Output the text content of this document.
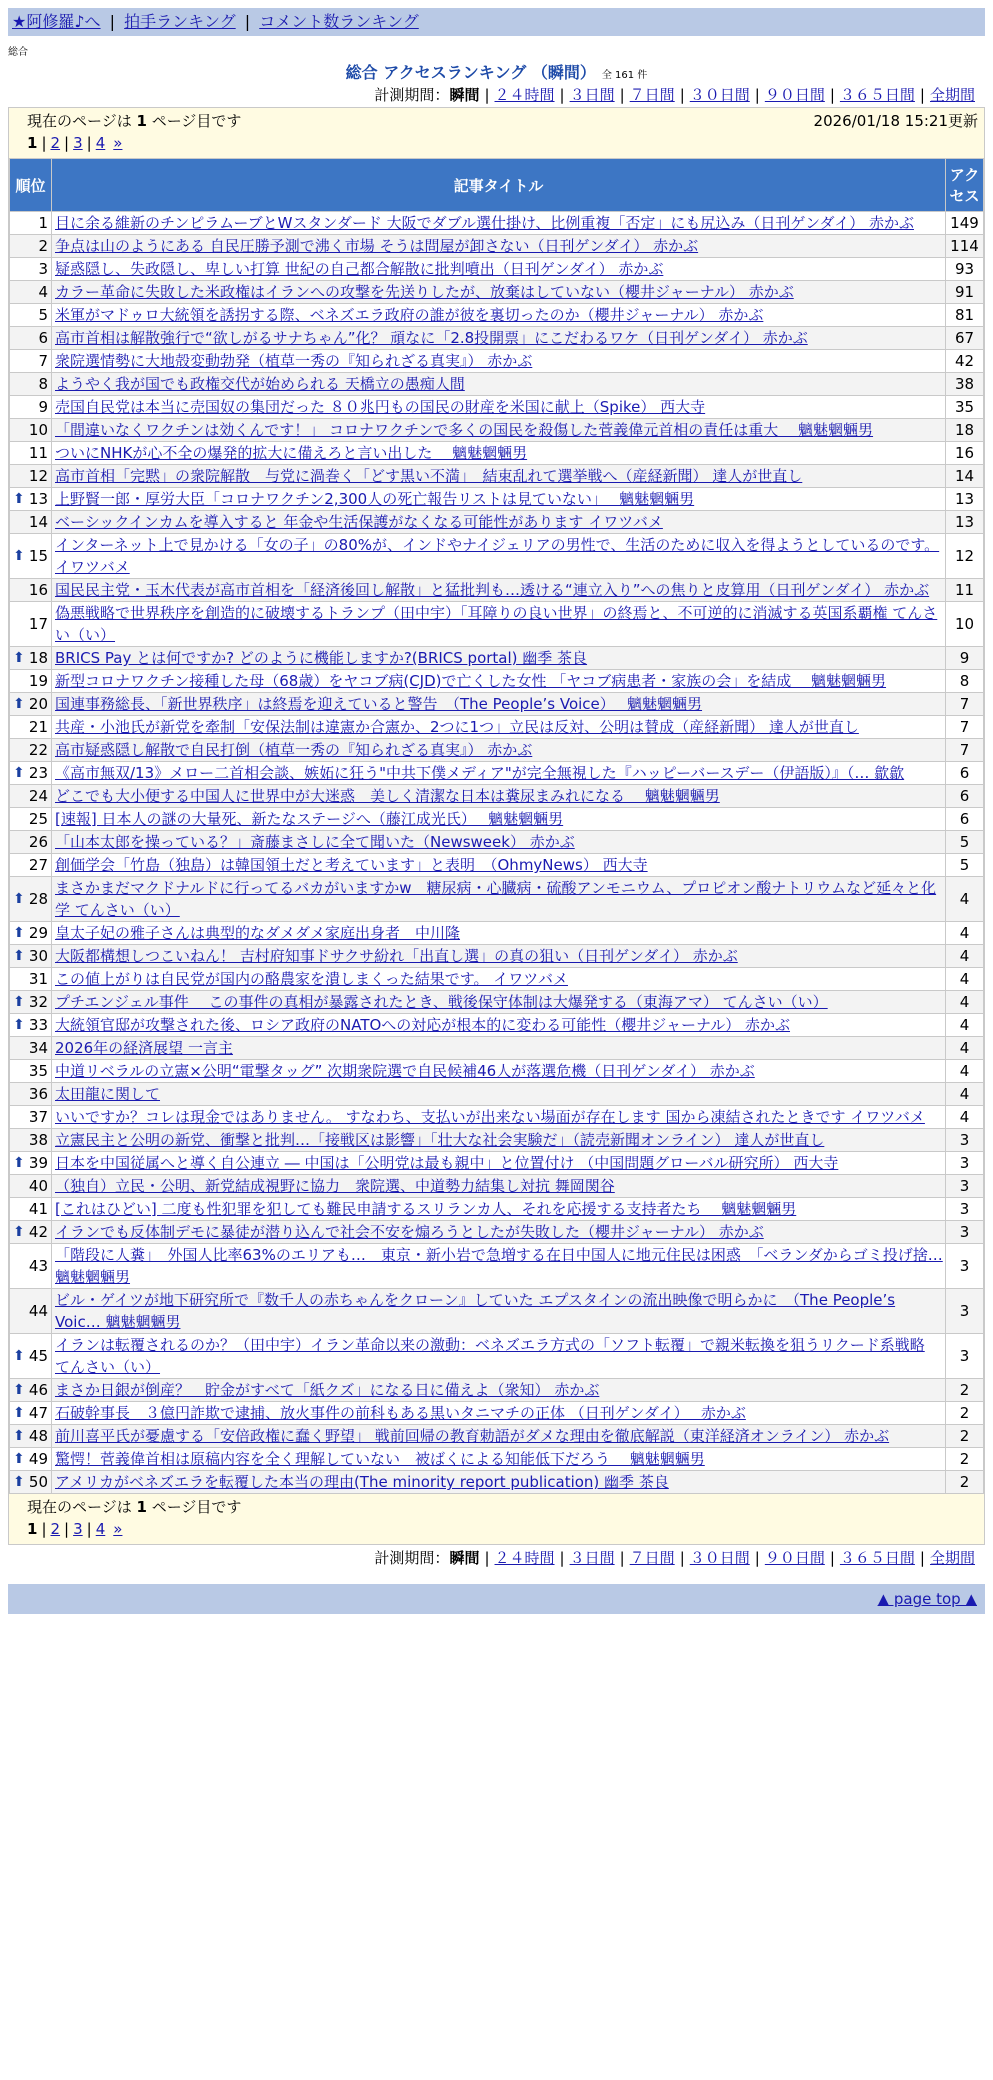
★阿修羅♪へ | 拍手ランキング | コメント数ランキング
総合
総合 アクセスランキング （瞬間） 全 161 件
計測期間：瞬間 | ２４時間 | ３日間 | ７日間 | ３０日間 | ９０日間 | ３６５日間 | 全期間
現在のページは 1 ページ目です	2026/01/18 15:21更新
1 | 2 | 3 | 4 »
順位	記事タイトル	アクセス
1	目に余る維新のチンピラムーブとWスタンダード 大阪でダブル選仕掛け、比例重複「否定」にも尻込み（日刊ゲンダイ） 赤かぶ	149
2	争点は山のようにある 自民圧勝予測で沸く市場 そうは問屋が卸さない（日刊ゲンダイ） 赤かぶ	114
3	疑惑隠し、失政隠し、卑しい打算 世紀の自己都合解散に批判噴出（日刊ゲンダイ） 赤かぶ	93
4	カラー革命に失敗した米政権はイランへの攻撃を先送りしたが、放棄はしていない（櫻井ジャーナル） 赤かぶ	91
5	米軍がマドゥロ大統領を誘拐する際、ベネズエラ政府の誰が彼を裏切ったのか（櫻井ジャーナル） 赤かぶ	81
6	高市首相は解散強行で“欲しがるサナちゃん”化？ 頑なに「2.8投開票」にこだわるワケ（日刊ゲンダイ） 赤かぶ	67
7	衆院選情勢に大地殻変動勃発（植草一秀の『知られざる真実』） 赤かぶ	42
8	ようやく我が国でも政権交代が始められる 天橋立の愚痴人間	38
9	売国自民党は本当に売国奴の集団だった ８０兆円もの国民の財産を米国に献上（Spike） 西大寺	35
10	「間違いなくワクチンは効くんです！」 コロナワクチンで多くの国民を殺傷した菅義偉元首相の責任は重大　 魑魅魍魎男	18
11	ついにNHKが心不全の爆発的拡大に備えろと言い出した　 魑魅魍魎男	16
12	高市首相「完黙」の衆院解散　与党に渦巻く「どす黒い不満」　結束乱れて選挙戦へ（産経新聞） 達人が世直し	14

⬆ 13	上野賢一郎・厚労大臣「コロナワクチン2,300人の死亡報告リストは見ていない」　 魑魅魍魎男	13
14	ベーシックインカムを導入すると 年金や生活保護がなくなる可能性があります イワツバメ	13

⬆ 15	インターネット上で見かける「女の子」の80%が、インドやナイジェリアの男性で、生活のために収入を得ようとしているのです。 イワツバメ	12
16	国民民主党・玉木代表が高市首相を「経済後回し解散」と猛批判も…透ける“連立入り”への焦りと皮算用（日刊ゲンダイ） 赤かぶ	11
17	偽悪戦略で世界秩序を創造的に破壊するトランプ（田中宇）「耳障りの良い世界」の終焉と、不可逆的に消滅する英国系覇権 てんさい（い）	10

⬆ 18	BRICS Pay とは何ですか? どのように機能しますか?(BRICS portal) 幽季 茶良	9
19	新型コロナワクチン接種した母（68歳）をヤコブ病(CJD)で亡くした女性 「ヤコブ病患者・家族の会」を結成　 魑魅魍魎男	8

⬆ 20	国連事務総長、「新世界秩序」は終焉を迎えていると警告　（The People’s Voice）　 魑魅魍魎男	7
21	共産・小池氏が新党を牽制「安保法制は違憲か合憲か、2つに1つ」立民は反対、公明は賛成（産経新聞） 達人が世直し	7
22	高市疑惑隠し解散で自民打倒（植草一秀の『知られざる真実』） 赤かぶ	7

⬆ 23	《高市無双/13》メロー二首相会談、嫉妬に狂う"中共下僕メディア"が完全無視した『ハッピーバースデー（伊語版）』（… 歙歙	6
24	どこでも大小便する中国人に世界中が大迷惑　美しく清潔な日本は糞尿まみれになる　 魑魅魍魎男	6
25	[速報] 日本人の謎の大量死、新たなステージへ（藤江成光氏）　 魑魅魍魎男	6
26	「山本太郎を操っている？」斎藤まさしに全て聞いた（Newsweek） 赤かぶ	5
27	創価学会「竹島（独島）は韓国領土だと考えています」と表明　（OhmyNews） 西大寺	5

⬆ 28	まさかまだマクドナルドに行ってるバカがいますかw　糖尿病・心臓病・硫酸アンモニウム、プロピオン酸ナトリウムなど延々と化学 てんさい（い）	4

⬆ 29	皇太子妃の雅子さんは典型的なダメダメ家庭出身者　中川隆	4

⬆ 30	大阪都構想しつこいねん！ 吉村府知事ドサクサ紛れ「出直し選」の真の狙い（日刊ゲンダイ） 赤かぶ	4
31	この値上がりは自民党が国内の酪農家を潰しまくった結果です。 イワツバメ	4

⬆ 32	プチエンジェル事件　 この事件の真相が暴露されたとき、戦後保守体制は大爆発する（東海アマ） てんさい（い）	4

⬆ 33	大統領官邸が攻撃された後、ロシア政府のNATOへの対応が根本的に変わる可能性（櫻井ジャーナル） 赤かぶ	4
34	2026年の経済展望 一言主	4
35	中道リベラルの立憲×公明“電撃タッグ” 次期衆院選で自民候補46人が落選危機（日刊ゲンダイ） 赤かぶ	4
36	太田龍に関して	4
37	いいですか？コレは現金ではありません。 すなわち、支払いが出来ない場面が存在します 国から凍結されたときです イワツバメ	4
38	立憲民主と公明の新党、衝撃と批判…「接戦区は影響」「壮大な社会実験だ」（読売新聞オンライン） 達人が世直し	3

⬆ 39	日本を中国従属へと導く自公連立 ― 中国は「公明党は最も親中」と位置付け （中国問題グローバル研究所） 西大寺	3
40	（独自）立民・公明、新党結成視野に協力　衆院選、中道勢力結集し対抗 舞岡関谷	3
41	[これはひどい] 二度も性犯罪を犯しても難民申請するスリランカ人、それを応援する支持者たち　 魑魅魍魎男	3

⬆ 42	イランでも反体制デモに暴徒が潜り込んで社会不安を煽ろうとしたが失敗した（櫻井ジャーナル） 赤かぶ	3
43	「階段に人糞」　外国人比率63%のエリアも…　東京・新小岩で急増する在日中国人に地元住民は困惑　「ベランダからゴミ投げ捨… 魑魅魍魎男	3
44	ビル・ゲイツが地下研究所で『数千人の赤ちゃんをクローン』していた エプスタインの流出映像で明らかに　（The People’s Voic… 魑魅魍魎男	3

⬆ 45	イランは転覆されるのか？（田中宇）イラン革命以来の激動：ベネズエラ方式の「ソフト転覆」で親米転換を狙うリクード系戦略 てんさい（い）	3

⬆ 46	まさか日銀が倒産？　貯金がすべて「紙クズ」になる日に備えよ（衆知） 赤かぶ	2

⬆ 47	石破幹事長　３億円詐欺で逮捕、放火事件の前科もある黒いタニマチの正体 （日刊ゲンダイ）　 赤かぶ	2

⬆ 48	前川喜平氏が憂慮する「安倍政権に蠢く野望」 戦前回帰の教育勅語がダメな理由を徹底解説（東洋経済オンライン） 赤かぶ	2

⬆ 49	驚愕！菅義偉首相は原稿内容を全く理解していない　被ばくによる知能低下だろう　 魑魅魍魎男	2

⬆ 50	アメリカがベネズエラを転覆した本当の理由(The minority report publication) 幽季 茶良	2
現在のページは 1 ページ目です
1 | 2 | 3 | 4 »
計測期間：瞬間 | ２４時間 | ３日間 | ７日間 | ３０日間 | ９０日間 | ３６５日間 | 全期間
▲ page top ▲
